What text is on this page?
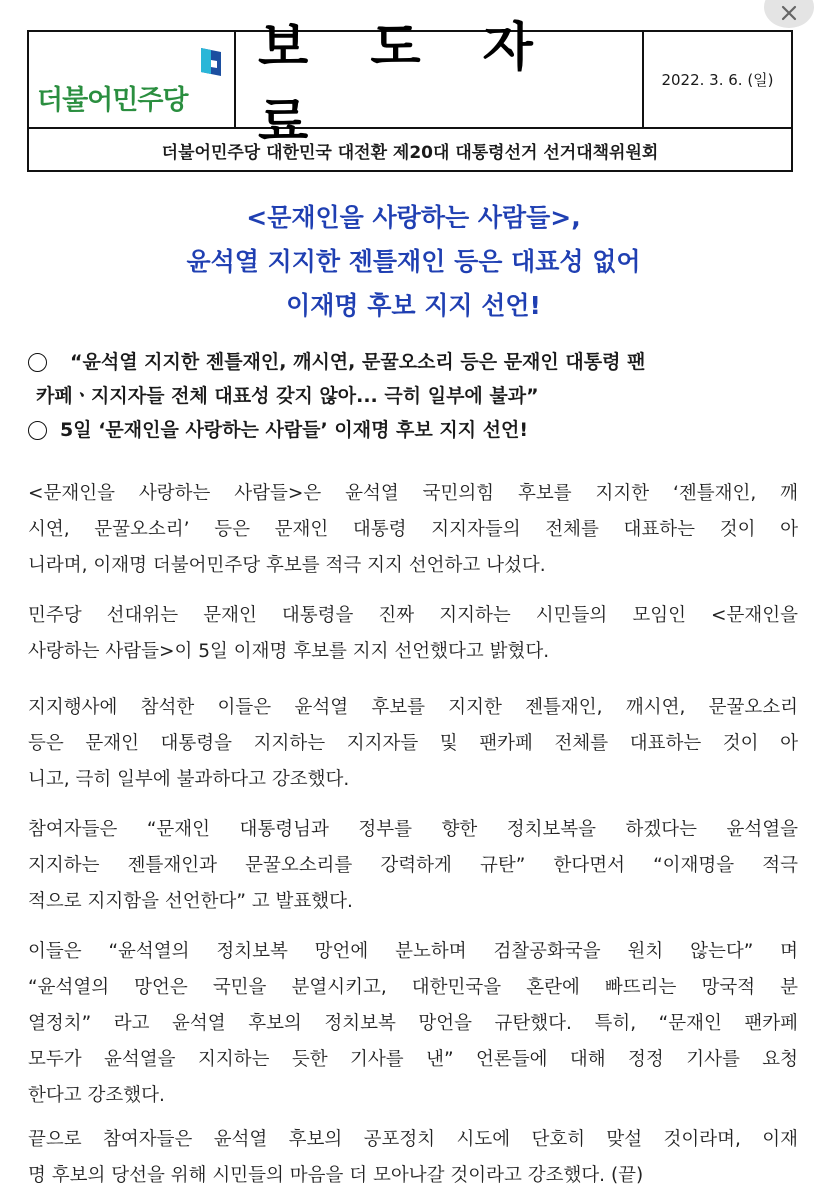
더불어민주당
보 도 자 료
2022. 3. 6. (일)
더불어민주당 대한민국 대전환 제20대 대통령선거 선거대책위원회
<문재인을 사랑하는 사람들>,
윤석열 지지한 젠틀재인 등은 대표성 없어
이재명 후보 지지 선언!
“윤석열 지지한 젠틀재인, 깨시연, 문꿀오소리 등은 문재인 대통령 팬
카페ㆍ지지자들 전체 대표성 갖지 않아... 극히 일부에 불과”
5일 ‘문재인을 사랑하는 사람들’ 이재명 후보 지지 선언!
<문재인을 사랑하는 사람들>은 윤석열 국민의힘 후보를 지지한 ‘젠틀재인, 깨
시연, 문꿀오소리’ 등은 문재인 대통령 지지자들의 전체를 대표하는 것이 아
니라며, 이재명 더불어민주당 후보를 적극 지지 선언하고 나섰다.
민주당 선대위는 문재인 대통령을 진짜 지지하는 시민들의 모임인 <문재인을
사랑하는 사람들>이 5일 이재명 후보를 지지 선언했다고 밝혔다.
지지행사에 참석한 이들은 윤석열 후보를 지지한 젠틀재인, 깨시연, 문꿀오소리
등은 문재인 대통령을 지지하는 지지자들 및 팬카페 전체를 대표하는 것이 아
니고, 극히 일부에 불과하다고 강조했다.
참여자들은 “문재인 대통령님과 정부를 향한 정치보복을 하겠다는 윤석열을
지지하는 젠틀재인과 문꿀오소리를 강력하게 규탄” 한다면서 “이재명을 적극
적으로 지지함을 선언한다” 고 발표했다.
이들은 “윤석열의 정치보복 망언에 분노하며 검찰공화국을 원치 않는다” 며
“윤석열의 망언은 국민을 분열시키고, 대한민국을 혼란에 빠뜨리는 망국적 분
열정치” 라고 윤석열 후보의 정치보복 망언을 규탄했다. 특히, “문재인 팬카페
모두가 윤석열을 지지하는 듯한 기사를 낸” 언론들에 대해 정정 기사를 요청
한다고 강조했다.
끝으로 참여자들은 윤석열 후보의 공포정치 시도에 단호히 맞설 것이라며, 이재
명 후보의 당선을 위해 시민들의 마음을 더 모아나갈 것이라고 강조했다. (끝)
